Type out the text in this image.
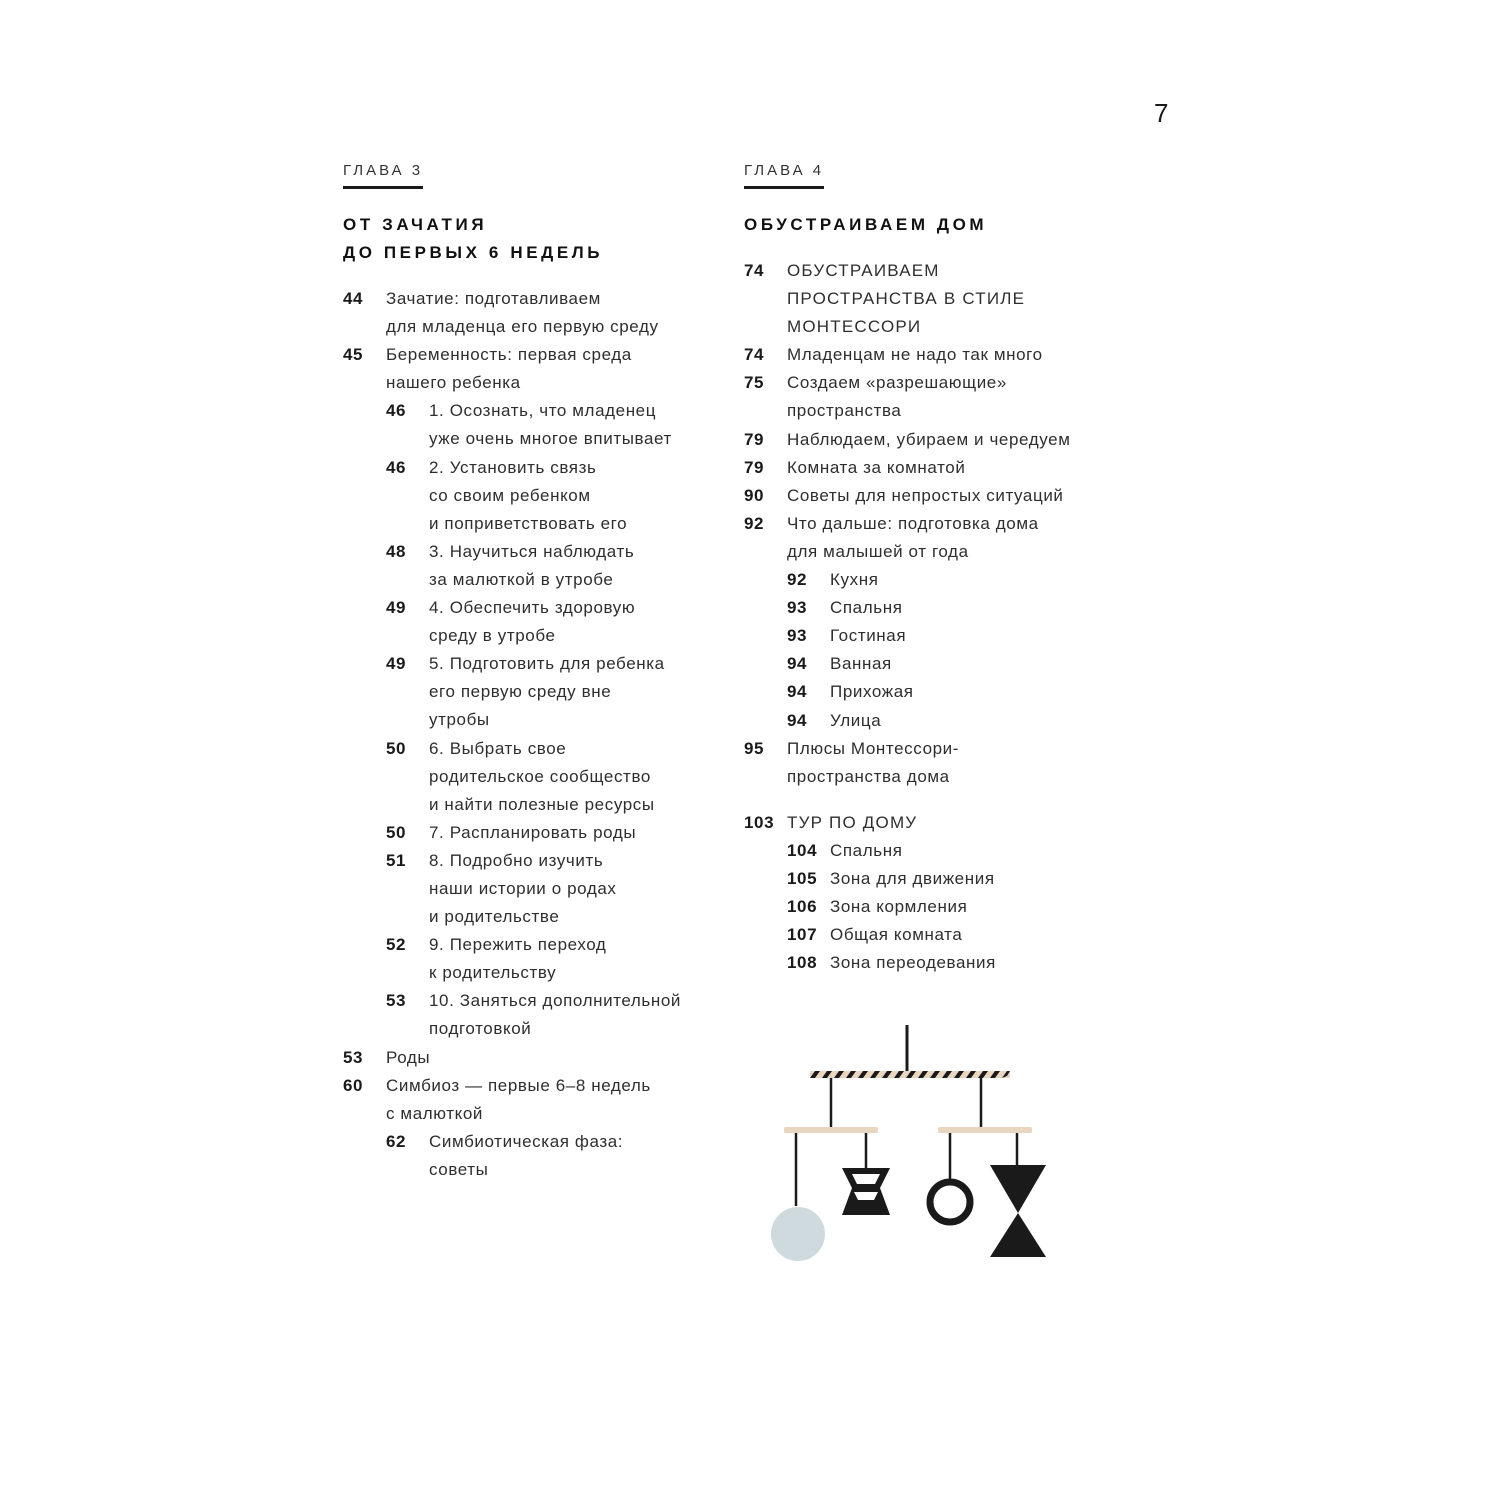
7
ГЛАВА 3
ОТ ЗАЧАТИЯ
ДО ПЕРВЫХ 6 НЕДЕЛЬ
44	Зачатие: подготавливаем
для младенца его первую среду
45	Беременность: первая среда
нашего ребенка
46	1. Осознать, что младенец
уже очень многое впитывает
46	2. Установить связь
со своим ребенком
и поприветствовать его
48	3. Научиться наблюдать
за малюткой в утробе
49	4. Обеспечить здоровую
среду в утробе
49	5. Подготовить для ребенка
его первую среду вне
утробы
50	6. Выбрать свое
родительское сообщество
и найти полезные ресурсы
50	7. Распланировать роды
51	8. Подробно изучить
наши истории о родах
и родительстве
52	9. Пережить переход
к родительству
53	10. Заняться дополнительной
подготовкой
53	Роды
60	Симбиоз — первые 6–8 недель
с малюткой
62	Симбиотическая фаза:
советы
ГЛАВА 4
ОБУСТРАИВАЕМ ДОМ
74	ОБУСТРАИВАЕМ
ПРОСТРАНСТВА В СТИЛЕ
МОНТЕССОРИ
74	Младенцам не надо так много
75	Создаем «разрешающие»
пространства
79	Наблюдаем, убираем и чередуем
79	Комната за комнатой
90	Советы для непростых ситуаций
92	Что дальше: подготовка дома
для малышей от года
92	Кухня
93	Спальня
93	Гостиная
94	Ванная
94	Прихожая
94	Улица
95	Плюсы Монтессори-
пространства дома
103 ТУР ПО ДОМУ
104 Спальня
105 Зона для движения
106 Зона кормления
107 Общая комната
108 Зона переодевания
